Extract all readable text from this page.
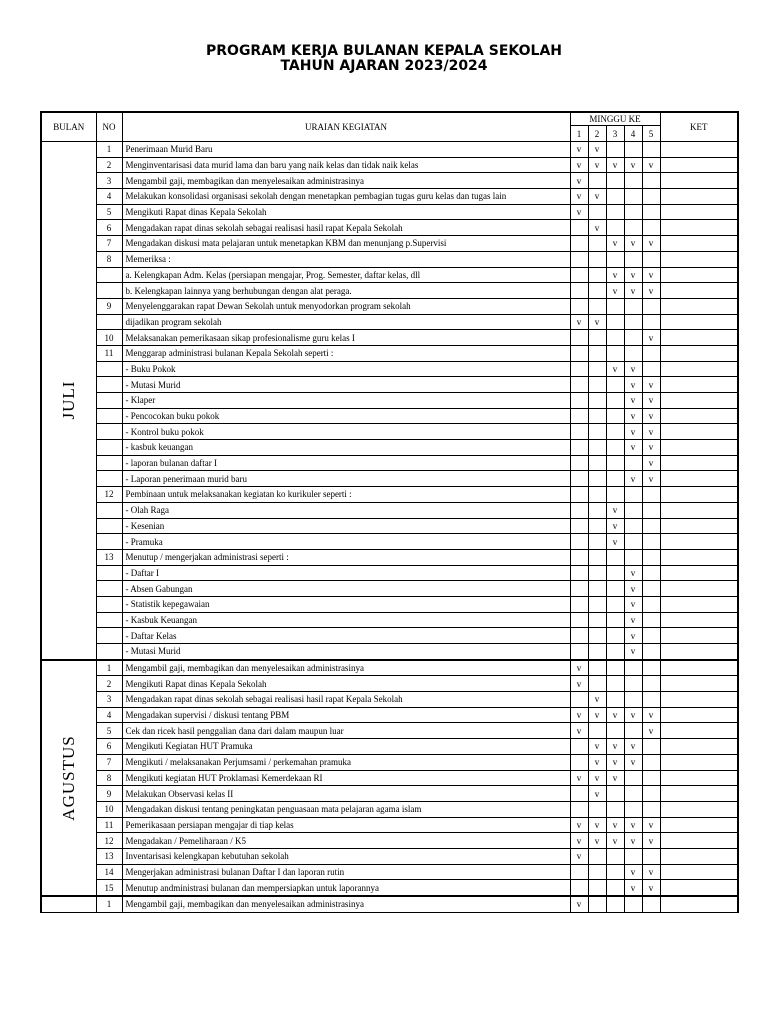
PROGRAM KERJA BULANAN KEPALA SEKOLAH
TAHUN AJARAN 2023/2024
BULAN	NO	URAIAN KEGIATAN	MINGGU KE					KET
			1	2	3	4	5	

JULI	1	Penerimaan Murid Baru	v	v				
	2	Menginventarisasi data murid lama dan baru yang naik kelas dan tidak naik kelas	v	v	v	v	v	
	3	Mengambil gaji, membagikan dan menyelesaikan administrasinya	v					
	4	Melakukan konsolidasi organisasi sekolah dengan menetapkan pembagian tugas guru kelas dan tugas lain	v	v				
	5	Mengikuti Rapat dinas Kepala Sekolah	v					
	6	Mengadakan rapat dinas sekolah sebagai realisasi hasil rapat Kepala Sekolah		v				
	7	Mengadakan diskusi mata pelajaran untuk menetapkan KBM dan menunjang p.Supervisi			v	v	v	
	8	Memeriksa :						
		a. Kelengkapan Adm. Kelas (persiapan mengajar, Prog. Semester, daftar kelas, dll			v	v	v	
		b. Kelengkapan lainnya yang berhubungan dengan alat peraga.			v	v	v	
	9	Menyelenggarakan rapat Dewan Sekolah untuk menyodorkan program sekolah						
		dijadikan program sekolah	v	v				
	10	Melaksanakan pemerikasaan sikap profesionalisme guru kelas I					v	
	11	Menggarap administrasi bulanan Kepala Sekolah seperti :						
		- Buku Pokok			v	v		
		- Mutasi Murid				v	v	
		- Klaper				v	v	
		- Pencocokan buku pokok				v	v	
		- Kontrol buku pokok				v	v	
		- kasbuk keuangan				v	v	
		- laporan bulanan daftar I					v	
		- Laporan penerimaan murid baru				v	v	
	12	Pembinaan untuk melaksanakan kegiatan ko kurikuler seperti :						
		- Olah Raga			v			
		- Kesenian			v			
		- Pramuka			v			
	13	Menutup / mengerjakan administrasi seperti :						
		- Daftar I				v		
		- Absen Gabungan				v		
		- Statistik kepegawaian				v		
		- Kasbuk Keuangan				v		
		- Daftar Kelas				v		
		- Mutasi Murid				v		

AGUSTUS	1	Mengambil gaji, membagikan dan menyelesaikan administrasinya	v					
	2	Mengikuti Rapat dinas Kepala Sekolah	v					
	3	Mengadakan rapat dinas sekolah sebagai realisasi hasil rapat Kepala Sekolah		v				
	4	Mengadakan supervisi / diskusi tentang PBM	v	v	v	v	v	
	5	Cek dan ricek hasil penggalian dana dari dalam maupun luar	v				v	
	6	Mengikuti Kegiatan HUT Pramuka		v	v	v		
	7	Mengikuti / melaksanakan Perjumsami / perkemahan pramuka		v	v	v		
	8	Mengikuti kegiatan HUT Proklamasi Kemerdekaan RI	v	v	v			
	9	Melakukan Observasi kelas II		v				
	10	Mengadakan diskusi tentang peningkatan penguasaan mata pelajaran agama islam						
	11	Pemerikasaan persiapan mengajar di tiap kelas	v	v	v	v	v	
	12	Mengadakan / Pemeliharaan / K5	v	v	v	v	v	
	13	Inventarisasi kelengkapan kebutuhan sekolah	v					
	14	Mengerjakan administrasi bulanan Daftar I dan laporan rutin				v	v	
	15	Menutup andministrasi bulanan dan mempersiapkan untuk laporannya				v	v	

	1	Mengambil gaji, membagikan dan menyelesaikan administrasinya	v					
